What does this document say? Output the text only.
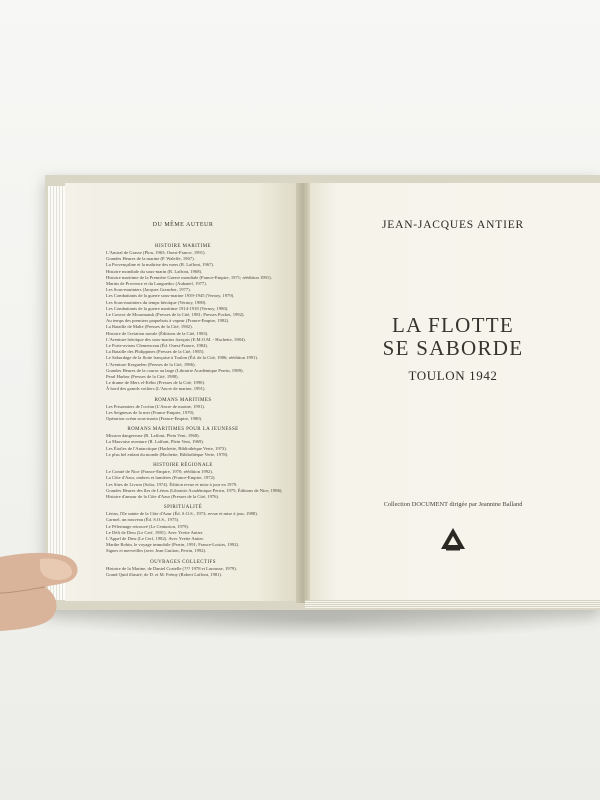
DU MÊME AUTEUR
HISTOIRE MARITIME
L'Amiral de Grasse (Plon, 1965; Ouest-France, 1991).
Grandes Heures de la marine (P. Waleffe, 1967).
La Provençaline et la maîtrise des mers (R. Laffont, 1967).
Histoire mondiale du sous-marin (R. Laffont, 1968).
Histoire maritime de la Première Guerre mondiale (France-Empire, 1971; réédition 1991).
Marins de Provence et du Languedoc (Aubanel, 1977).
Les Sous-mariniers (Jacques Grancher, 1977).
Les Combattants de la guerre sous-marine 1939-1945 (Vernoy, 1979).
Les Sous-mariniers du temps héroïque (Vernoy, 1980).
Les Combattants de la guerre maritime 1914-1918 (Vernoy, 1980).
Le Convoi de Mourmansk (Presses de la Cité, 1981; Presses Pocket, 1992).
Au temps des premiers paquebots à vapeur (France-Empire, 1982).
La Bataille de Malte (Presses de la Cité, 1982).
Histoire de l'aviation navale (Éditions de la Cité, 1983).
L'Aventure héroïque des sous-marins français (E.M.O.M. - Hachette, 1984).
Le Porte-avions Clemenceau (Éd. Ouest-France, 1984).
La Bataille des Philippines (Presses de la Cité, 1985).
Le Sabordage de la flotte française à Toulon (Éd. de la Cité, 1986; réédition 1991).
L'Aventure Kerguelen (Presses de la Cité, 1986).
Grandes Heures de la course au large (Librairie Académique Perrin, 1989).
Pearl Harbor (Presses de la Cité, 1988).
Le drame de Mers el-Kébir (Presses de la Cité, 1990).
À bord des grands voiliers (L'Ancre de marine, 1991).
ROMANS MARITIMES
Les Prisonniers de l'océan (L'Ancre de marine, 1991).
Les Seigneurs de la mer (France-Empire, 1970).
Opération océan sous-marin (France-Empire, 1980).
ROMANS MARITIMES POUR LA JEUNESSE
Mission dangereuse (R. Laffont, Plein Vent, 1968).
La Mauvaise aventure (R. Laffont, Plein Vent, 1969).
Les Étoiles de l'Antarctique (Hachette, Bibliothèque Verte, 1973).
Le plus bel enfant du monde (Hachette, Bibliothèque Verte, 1978).
HISTOIRE RÉGIONALE
Le Comté de Nice (France-Empire, 1970; réédition 1992).
La Côte d'Azur, ombres et lumières (France-Empire, 1972).
Les Sites de Livron (Solar, 1974). Édition revue et mise à jour en 1979.
Grandes Heures des îles de Lérins (Librairie Académique Perrin, 1975; Éditions de Nice, 1986).
Histoire d'amour de la Côte d'Azur (Presses de la Cité, 1976).
SPIRITUALITÉ
Lérins, l'île sainte de la Côte d'Azur (Éd. S.O.S., 1973; revue et mise à jour, 1988).
Carmel, un nouveau (Éd. S.O.S., 1975).
Le Pèlerinage retrouvé (Le Centurion, 1979).
Le Défi de Dieu (Le Cerf, 1981). Avec Yvette Antier.
L'Appel de Dieu (Le Cerf, 1982). Avec Yvette Antier.
Marthe Robin, le voyage immobile (Perrin, 1991; France-Loisirs, 1992).
Signes et merveilles (avec Jean Guitton, Perrin, 1992).
OUVRAGES COLLECTIFS
Histoire de la Marine, de Daniel Costelle (??? 1978 et Larousse, 1979).
Grand Quid illustré, de D. et M. Frémy (Robert Laffont, 1981).
JEAN-JACQUES ANTIER
LA FLOTTE
SE SABORDE
TOULON 1942
Collection DOCUMENT dirigée par Jeannine Balland
